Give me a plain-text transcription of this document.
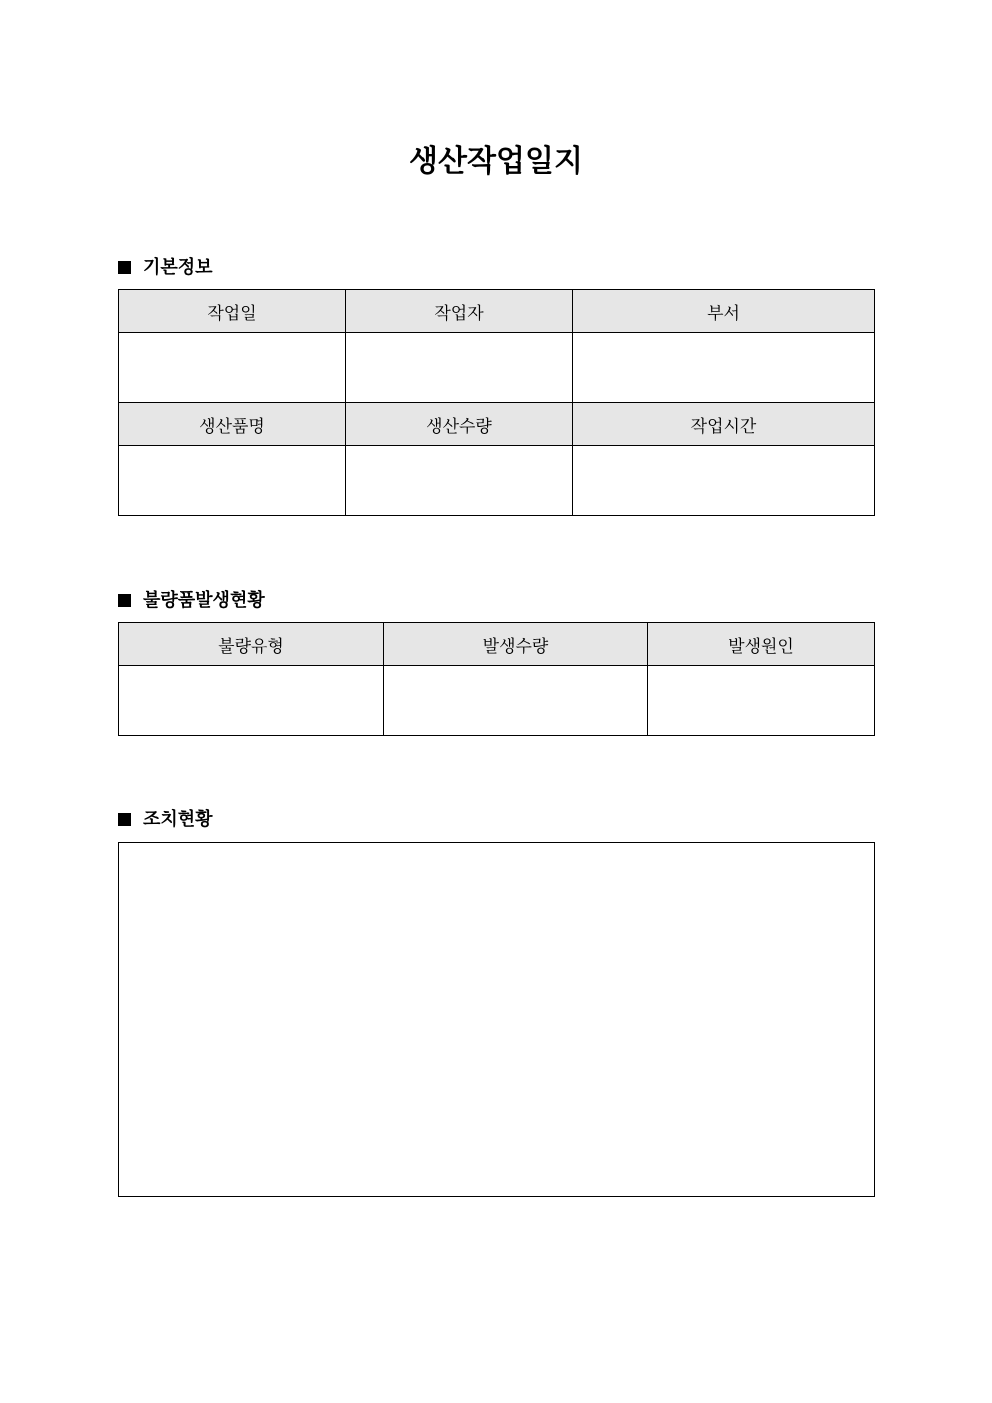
생산작업일지
기본정보
작업일	작업자	부서

생산품명	생산수량	작업시간

불량품발생현황
불량유형	발생수량	발생원인

조치현황
